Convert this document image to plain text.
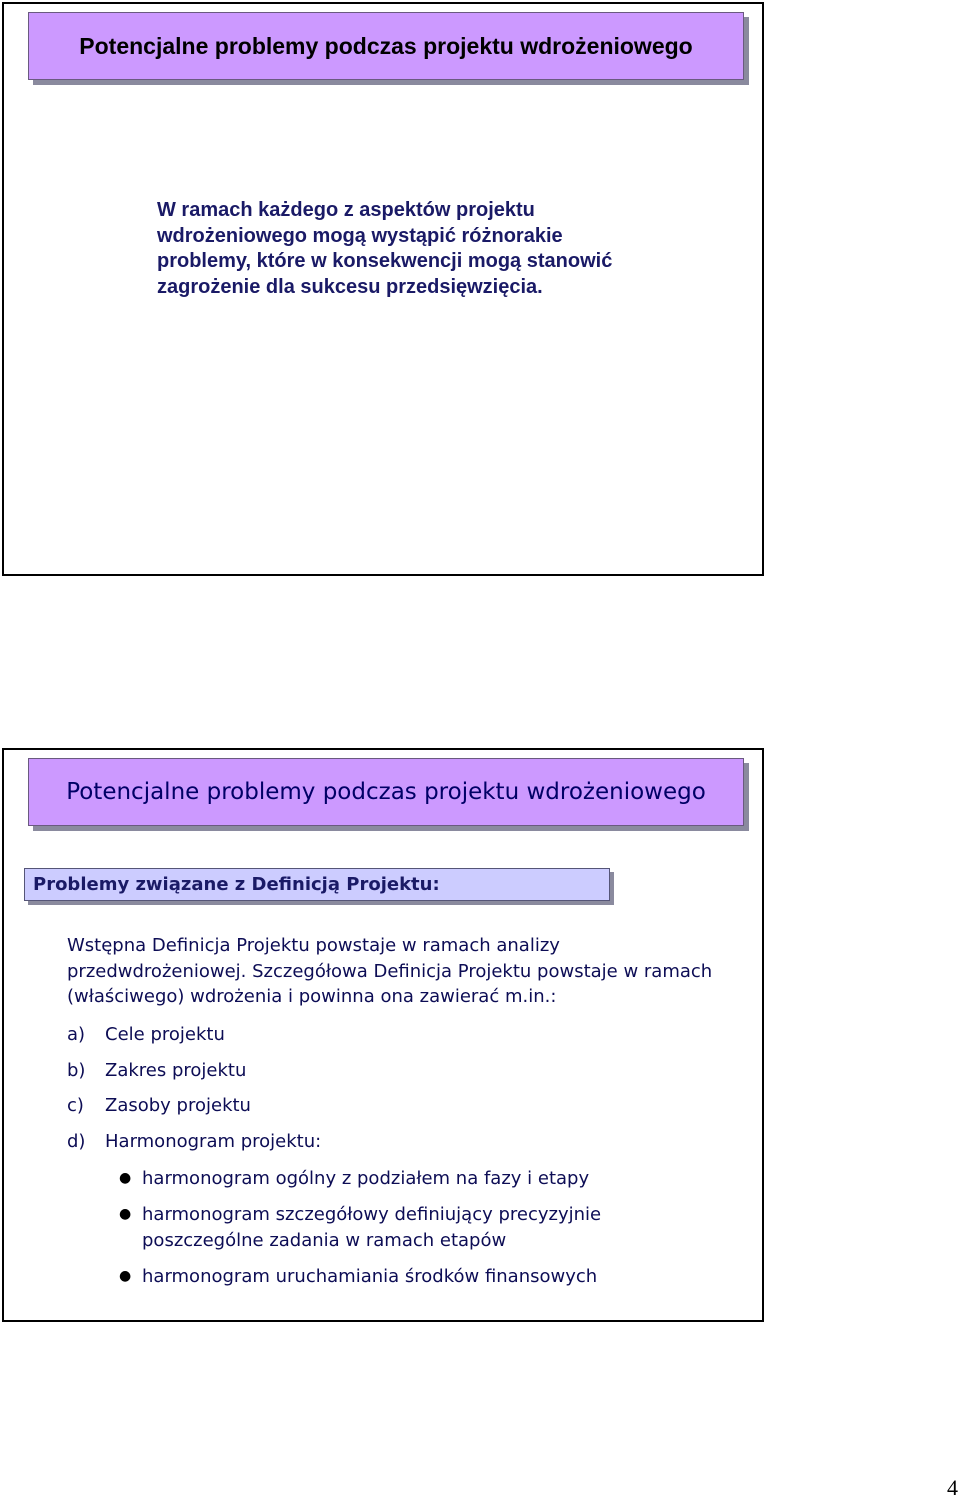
Potencjalne problemy podczas projektu wdrożeniowego
W ramach każdego z aspektów projektu wdrożeniowego mogą wystąpić różnorakie problemy, które w konsekwencji mogą stanowić zagrożenie dla sukcesu przedsięwzięcia.
Potencjalne problemy podczas projektu wdrożeniowego
Problemy związane z Definicją Projektu:
Wstępna Definicja Projektu powstaje w ramach analizy przedwdrożeniowej. Szczegółowa Definicja Projektu powstaje w ramach (właściwego) wdrożenia i powinna ona zawierać m.in.:
a) Cele projektu
b) Zakres projektu
c) Zasoby projektu
d) Harmonogram projektu:
● harmonogram ogólny z podziałem na fazy i etapy
● harmonogram szczegółowy definiujący precyzyjnie poszczególne zadania w ramach etapów
● harmonogram uruchamiania środków finansowych
4
